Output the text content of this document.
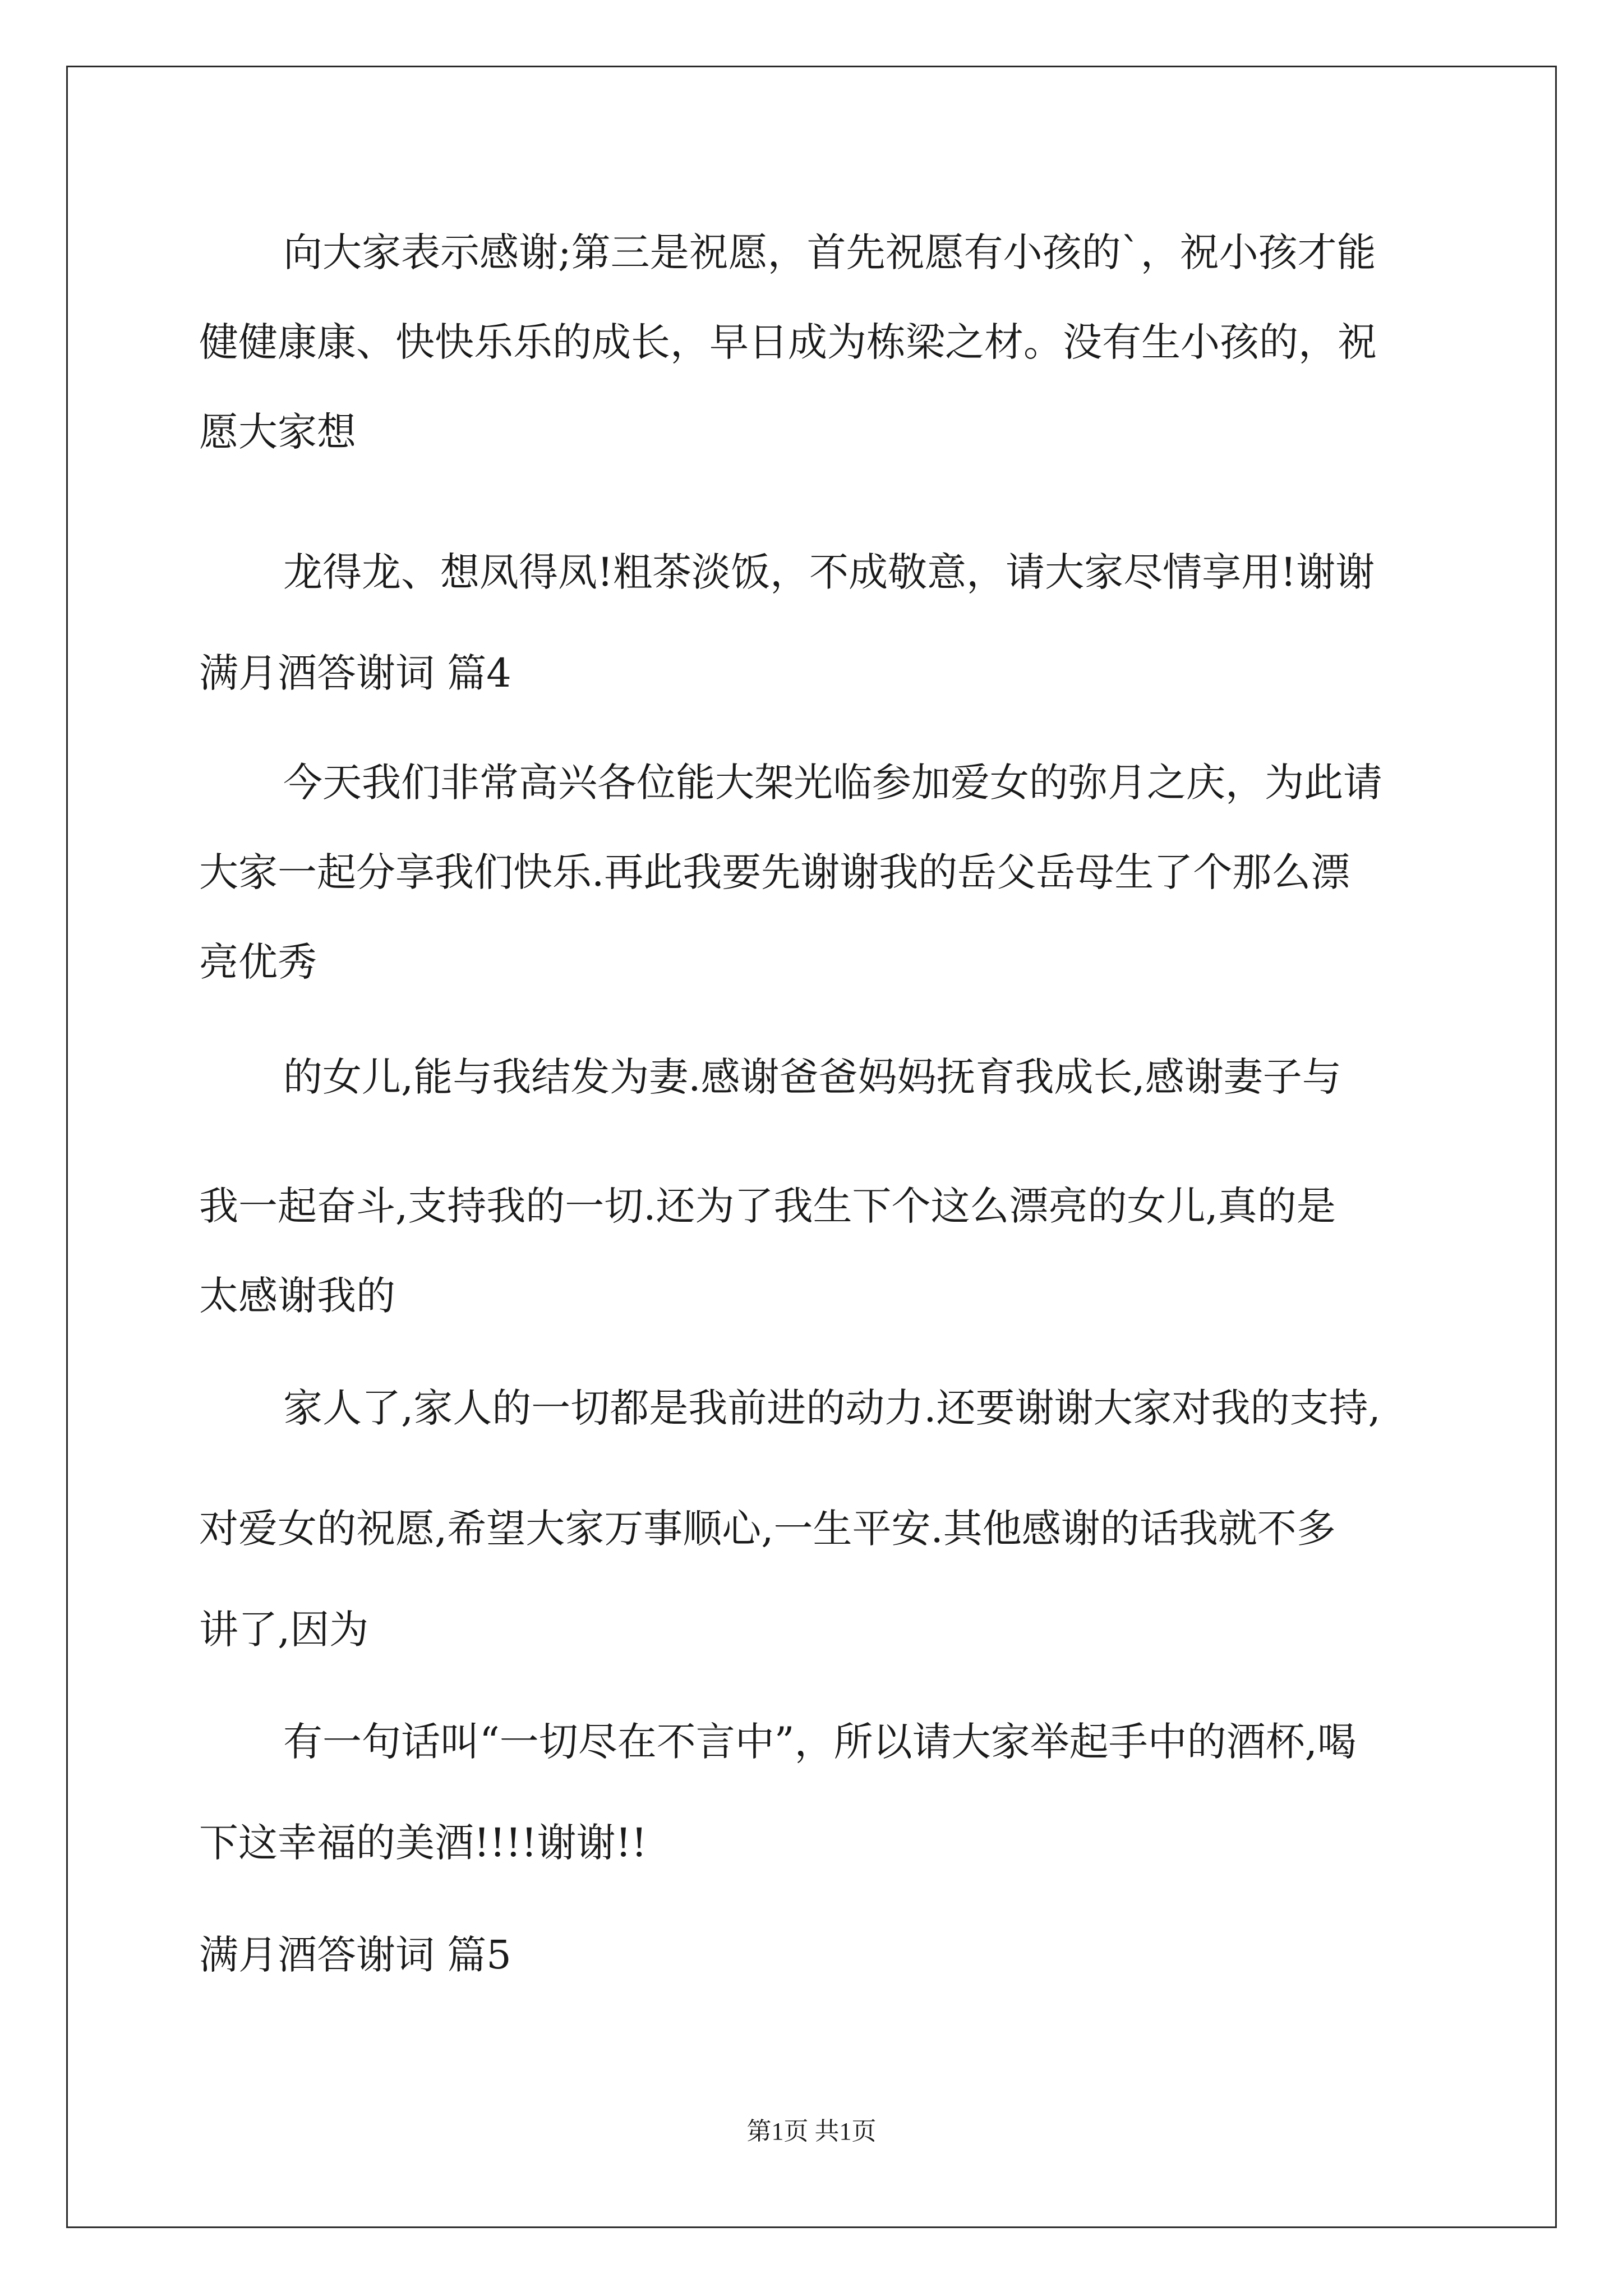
向大家表示感谢;第三是祝愿，首先祝愿有小孩的`，祝小孩才能
健健康康、快快乐乐的成长，早日成为栋梁之材。没有生小孩的，祝
愿大家想
龙得龙、想凤得凤!粗茶淡饭，不成敬意，请大家尽情享用!谢谢
满月酒答谢词 篇4
今天我们非常高兴各位能大架光临参加爱女的弥月之庆，为此请
大家一起分享我们快乐.再此我要先谢谢我的岳父岳母生了个那么漂
亮优秀
的女儿,能与我结发为妻.感谢爸爸妈妈抚育我成长,感谢妻子与
我一起奋斗,支持我的一切.还为了我生下个这么漂亮的女儿,真的是
太感谢我的
家人了,家人的一切都是我前进的动力.还要谢谢大家对我的支持,
对爱女的祝愿,希望大家万事顺心,一生平安.其他感谢的话我就不多
讲了,因为
有一句话叫“一切尽在不言中”，所以请大家举起手中的酒杯,喝
下这幸福的美酒!!!!谢谢!!
满月酒答谢词 篇5
第1页 共1页
